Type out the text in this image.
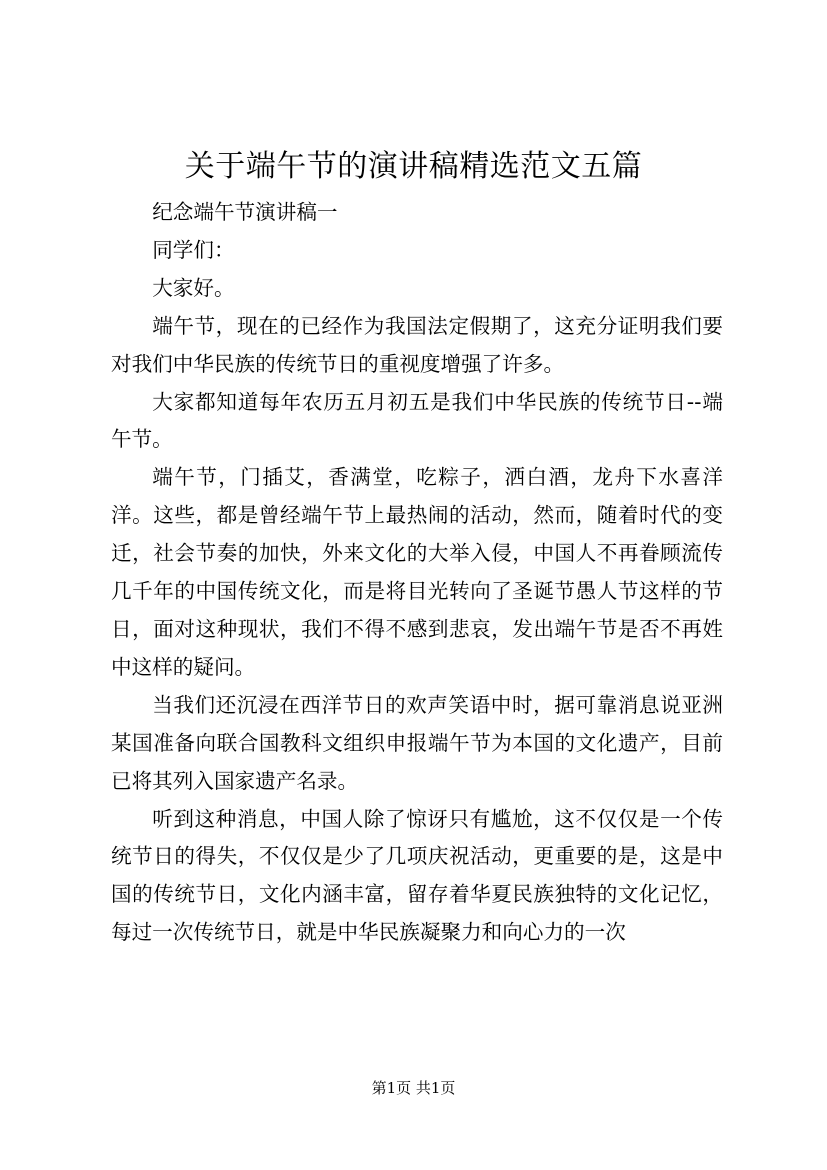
关于端午节的演讲稿精选范文五篇

纪念端午节演讲稿一

同学们：

大家好。

端午节，现在的已经作为我国法定假期了，这充分证明我们要对我们中华民族的传统节日的重视度增强了许多。

大家都知道每年农历五月初五是我们中华民族的传统节日--端午节。

端午节，门插艾，香满堂，吃粽子，洒白酒，龙舟下水喜洋洋。这些，都是曾经端午节上最热闹的活动，然而，随着时代的变迁，社会节奏的加快，外来文化的大举入侵，中国人不再眷顾流传几千年的中国传统文化，而是将目光转向了圣诞节愚人节这样的节日，面对这种现状，我们不得不感到悲哀，发出端午节是否不再姓中这样的疑问。

当我们还沉浸在西洋节日的欢声笑语中时，据可靠消息说亚洲某国准备向联合国教科文组织申报端午节为本国的文化遗产，目前已将其列入国家遗产名录。

听到这种消息，中国人除了惊讶只有尴尬，这不仅仅是一个传统节日的得失，不仅仅是少了几项庆祝活动，更重要的是，这是中国的传统节日，文化内涵丰富，留存着华夏民族独特的文化记忆，每过一次传统节日，就是中华民族凝聚力和向心力的一次

第1页 共1页
